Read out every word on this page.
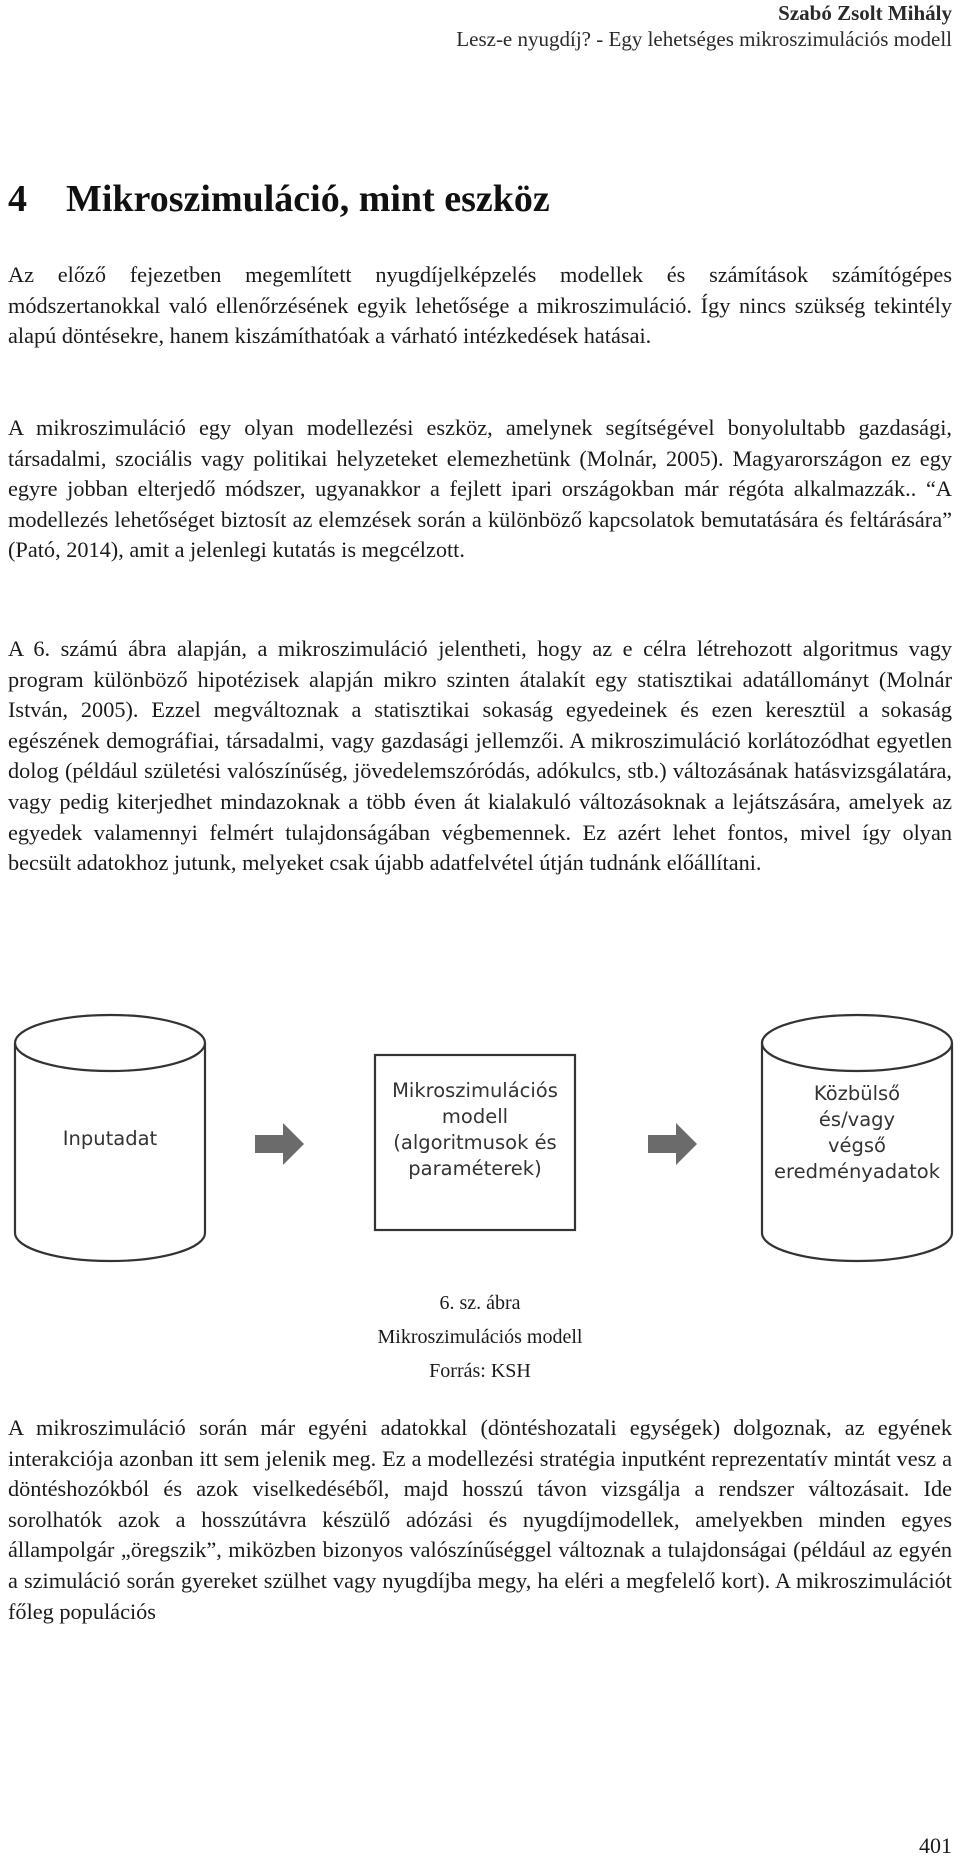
Szabó Zsolt Mihály
Lesz-e nyugdíj? - Egy lehetséges mikroszimulációs modell
4 Mikroszimuláció, mint eszköz

Az előző fejezetben megemlített nyugdíjelképzelés modellek és számítások számítógépes módszertanokkal való ellenőrzésének egyik lehetősége a mikroszimuláció. Így nincs szükség tekintély alapú döntésekre, hanem kiszámíthatóak a várható intézkedések hatásai.

A mikroszimuláció egy olyan modellezési eszköz, amelynek segítségével bonyolultabb gazdasági, társadalmi, szociális vagy politikai helyzeteket elemezhetünk (Molnár, 2005). Magyarországon ez egy egyre jobban elterjedő módszer, ugyanakkor a fejlett ipari országokban már régóta alkalmazzák.. “A modellezés lehetőséget biztosít az elemzések során a különböző kapcsolatok bemutatására és feltárására” (Pató, 2014), amit a jelenlegi kutatás is megcélzott.

A 6. számú ábra alapján, a mikroszimuláció jelentheti, hogy az e célra létrehozott algoritmus vagy program különböző hipotézisek alapján mikro szinten átalakít egy statisztikai adatállományt (Molnár István, 2005). Ezzel megváltoznak a statisztikai sokaság egyedeinek és ezen keresztül a sokaság egészének demográfiai, társadalmi, vagy gazdasági jellemzői. A mikroszimuláció korlátozódhat egyetlen dolog (például születési valószínűség, jövedelemszóródás, adókulcs, stb.) változásának hatásvizsgálatára, vagy pedig kiterjedhet mindazoknak a több éven át kialakuló változásoknak a lejátszására, amelyek az egyedek valamennyi felmért tulajdonságában végbemennek. Ez azért lehet fontos, mivel így olyan becsült adatokhoz jutunk, melyeket csak újabb adatfelvétel útján tudnánk előállítani.

Inputadat
Mikroszimulációs
modell
(algoritmusok és
paraméterek)
Közbülső
és/vagy
végső
eredményadatok
6. sz. ábra
Mikroszimulációs modell
Forrás: KSH

A mikroszimuláció során már egyéni adatokkal (döntéshozatali egységek) dolgoznak, az egyének interakciója azonban itt sem jelenik meg. Ez a modellezési stratégia inputként reprezentatív mintát vesz a döntéshozókból és azok viselkedéséből, majd hosszú távon vizsgálja a rendszer változásait. Ide sorolhatók azok a hosszútávra készülő adózási és nyugdíjmodellek, amelyekben minden egyes állampolgár „öregszik”, miközben bizonyos valószínűséggel változnak a tulajdonságai (például az egyén a szimuláció során gyereket szülhet vagy nyugdíjba megy, ha eléri a megfelelő kort). A mikroszimulációt főleg populációs

401
